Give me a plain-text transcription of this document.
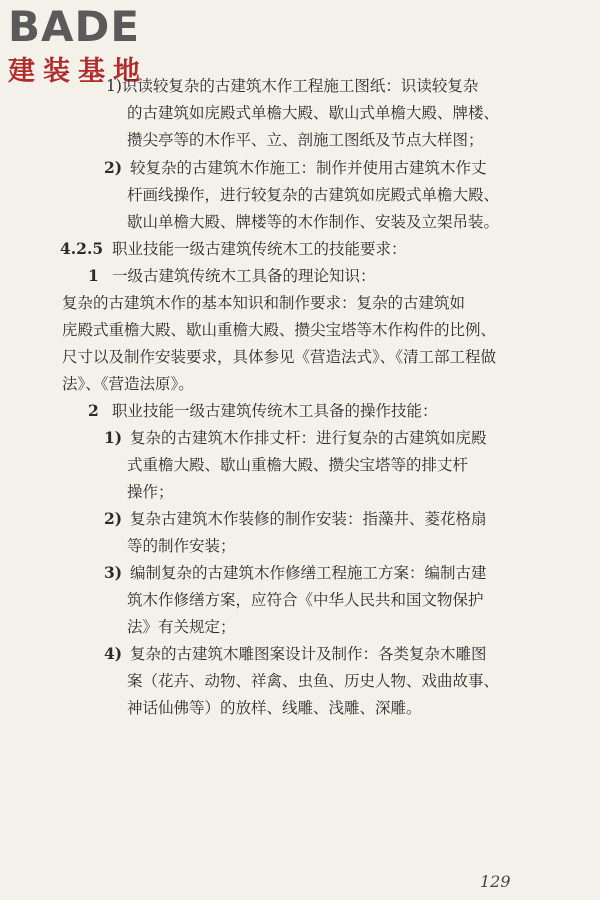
BADE
建装基地
1)识读较复杂的古建筑木作工程施工图纸：识读较复杂
的古建筑如庑殿式单檐大殿、歇山式单檐大殿、牌楼、
攒尖亭等的木作平、立、剖施工图纸及节点大样图；
2) 较复杂的古建筑木作施工：制作并使用古建筑木作丈
杆画线操作，进行较复杂的古建筑如庑殿式单檐大殿、
歇山单檐大殿、牌楼等的木作制作、安装及立架吊装。
4.2.5 职业技能一级古建筑传统木工的技能要求：
1 一级古建筑传统木工具备的理论知识：
复杂的古建筑木作的基本知识和制作要求：复杂的古建筑如
庑殿式重檐大殿、歇山重檐大殿、攒尖宝塔等木作构件的比例、
尺寸以及制作安装要求，具体参见《营造法式》、《清工部工程做
法》、《营造法原》。
2 职业技能一级古建筑传统木工具备的操作技能：
1) 复杂的古建筑木作排丈杆：进行复杂的古建筑如庑殿
式重檐大殿、歇山重檐大殿、攒尖宝塔等的排丈杆
操作；
2) 复杂古建筑木作装修的制作安装：指藻井、菱花格扇
等的制作安装；
3) 编制复杂的古建筑木作修缮工程施工方案：编制古建
筑木作修缮方案，应符合《中华人民共和国文物保护
法》有关规定；
4) 复杂的古建筑木雕图案设计及制作：各类复杂木雕图
案（花卉、动物、祥禽、虫鱼、历史人物、戏曲故事、
神话仙佛等）的放样、线雕、浅雕、深雕。
129
